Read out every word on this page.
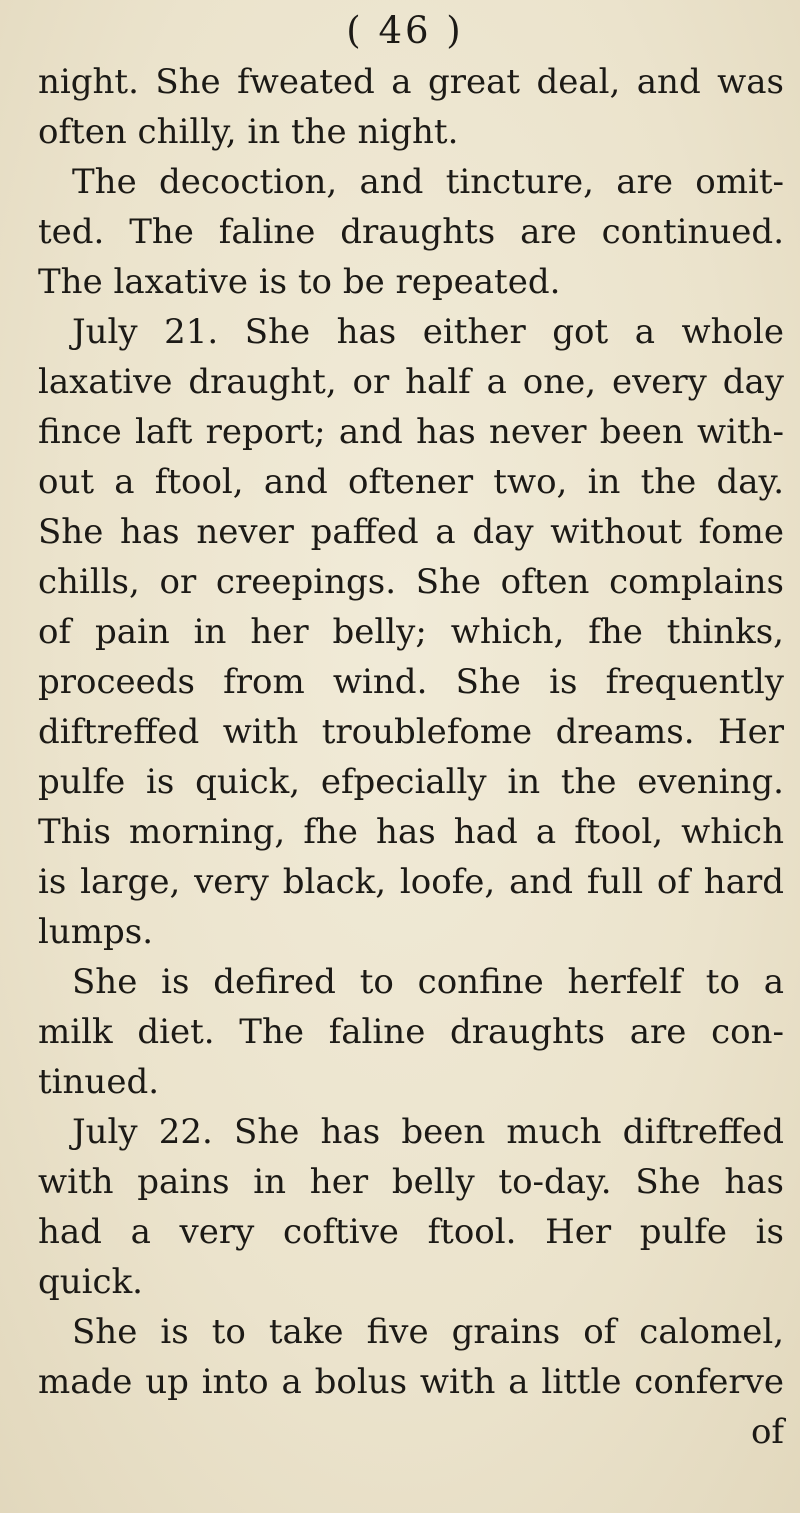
( 46 )
night. She fweated a great deal, and was
often chilly, in the night.
The decoction, and tincture, are omit-
ted. The faline draughts are continued.
The laxative is to be repeated.
July 21. She has either got a whole
laxative draught, or half a one, every day
fince laft report; and has never been with-
out a ftool, and oftener two, in the day.
She has never paffed a day without fome
chills, or creepings. She often complains
of pain in her belly; which, fhe thinks,
proceeds from wind. She is frequently
diftreffed with troublefome dreams. Her
pulfe is quick, efpecially in the evening.
This morning, fhe has had a ftool, which
is large, very black, loofe, and full of hard
lumps.
She is defired to confine herfelf to a
milk diet. The faline draughts are con-
tinued.
July 22. She has been much diftreffed
with pains in her belly to-day. She has
had a very coftive ftool. Her pulfe is
quick.
She is to take five grains of calomel,
made up into a bolus with a little conferve
of
